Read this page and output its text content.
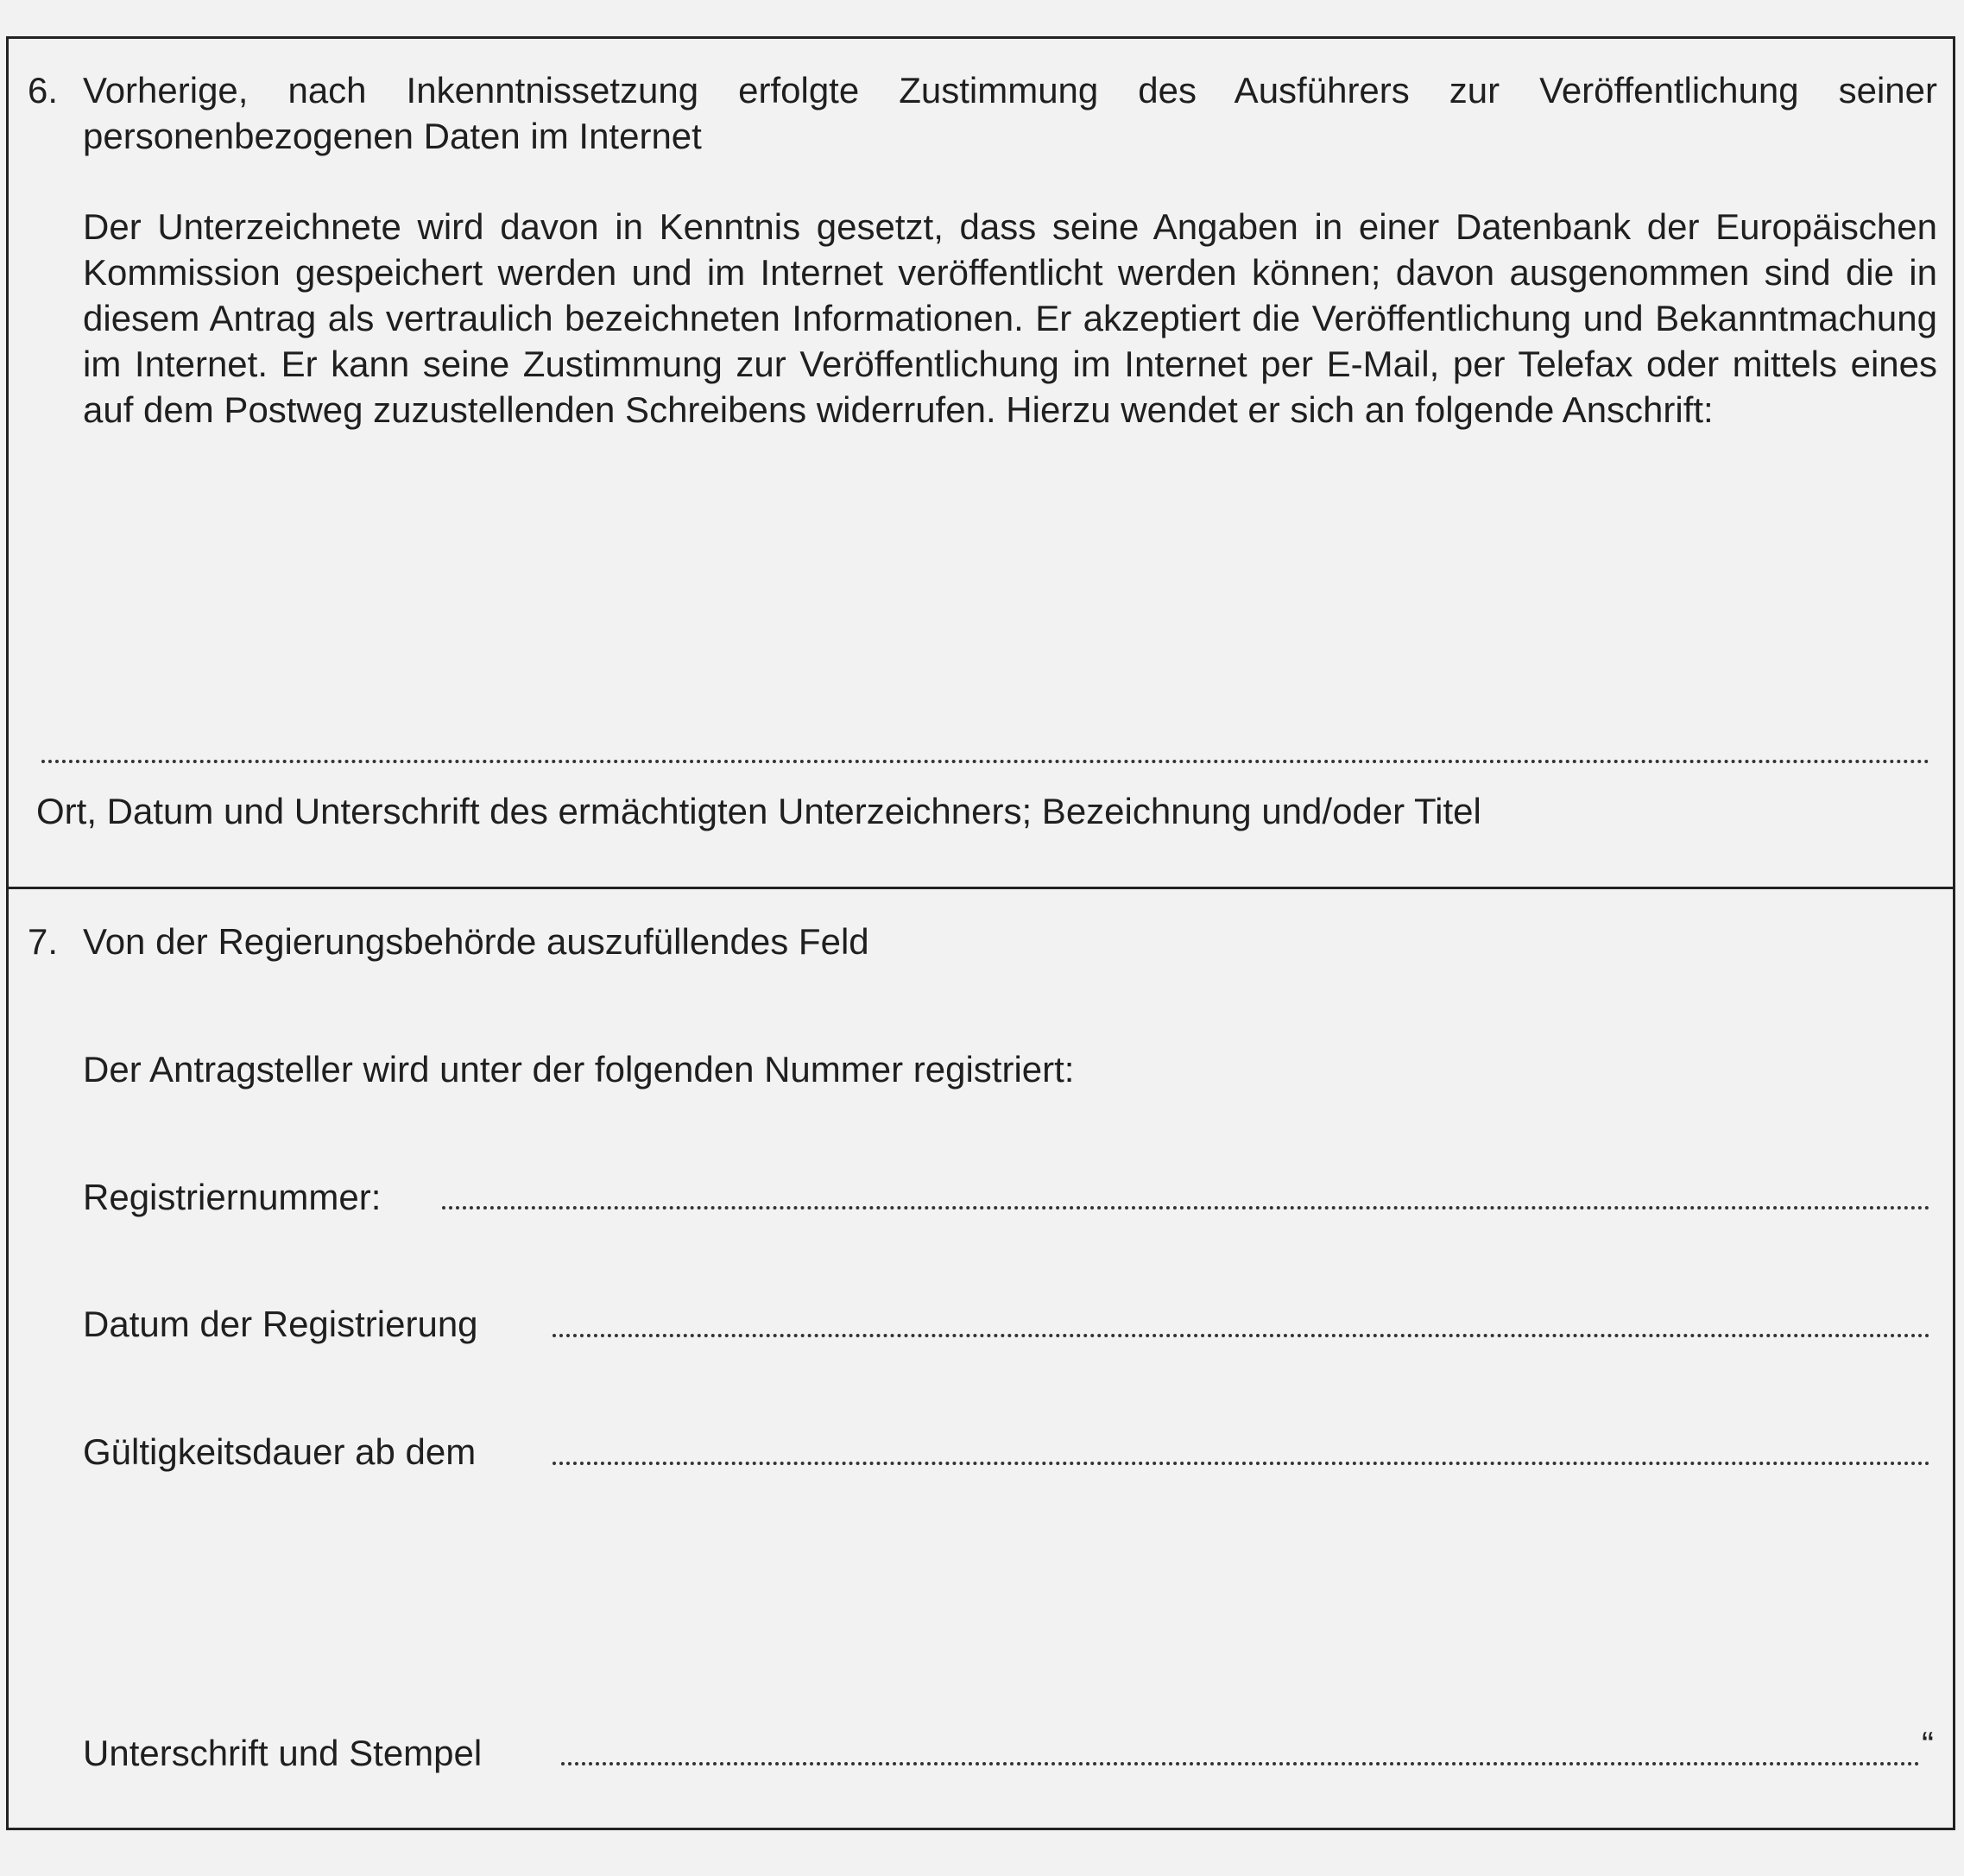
6. Vorherige, nach Inkenntnissetzung erfolgte Zustimmung des Ausführers zur Veröffentlichung seiner
personenbezogenen Daten im Internet
Der Unterzeichnete wird davon in Kenntnis gesetzt, dass seine Angaben in einer Datenbank der Europäischen Kommission gespeichert werden und im Internet veröffentlicht werden können; davon ausgenommen sind die in diesem Antrag als vertraulich bezeichneten Informationen. Er akzeptiert die Veröffentlichung und Bekanntmachung im Internet. Er kann seine Zustimmung zur Veröffentlichung im Internet per E-Mail, per Telefax oder mittels eines auf dem Postweg zuzustellenden Schreibens widerrufen. Hierzu wendet er sich an folgende Anschrift:
Ort, Datum und Unterschrift des ermächtigten Unterzeichners; Bezeichnung und/oder Titel
7. Von der Regierungsbehörde auszufüllendes Feld
Der Antragsteller wird unter der folgenden Nummer registriert:
Registriernummer:
Datum der Registrierung
Gültigkeitsdauer ab dem
Unterschrift und Stempel	“
